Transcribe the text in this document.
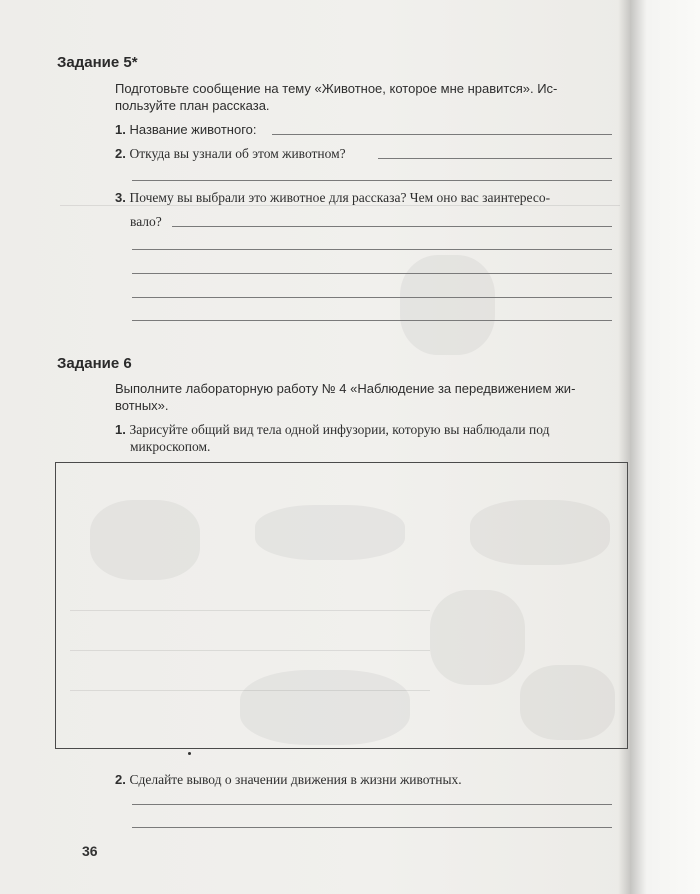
Задание 5*
Подготовьте сообщение на тему «Животное, которое мне нравится». Ис-
пользуйте план рассказа.
1. Название животного:
2. Откуда вы узнали об этом животном?
3. Почему вы выбрали это животное для рассказа? Чем оно вас заинтересо-
вало?
Задание 6
Выполните лабораторную работу № 4 «Наблюдение за передвижением жи-
вотных».
1. Зарисуйте общий вид тела одной инфузории, которую вы наблюдали под
микроскопом.
2. Сделайте вывод о значении движения в жизни животных.
36
